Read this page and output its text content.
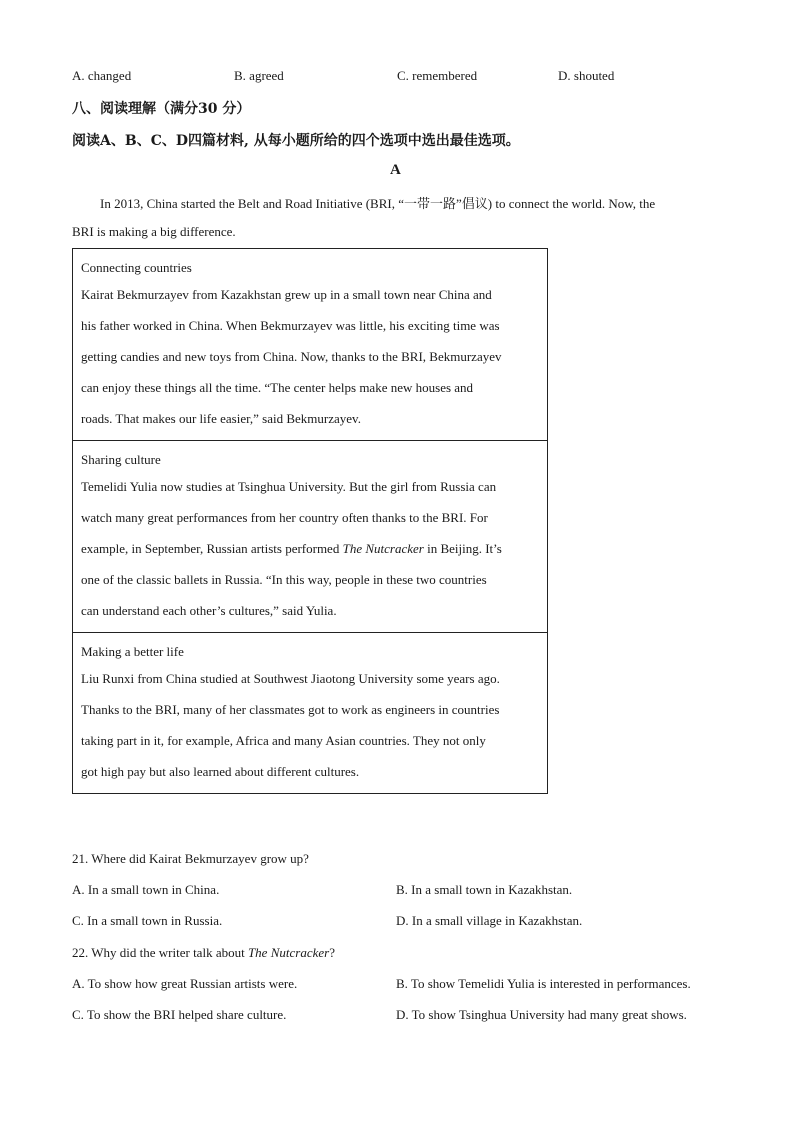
A. changed	B. agreed	C. remembered	D. shouted
八、阅读理解（满分30 分）
阅读A、B、C、D四篇材料, 从每小题所给的四个选项中选出最佳选项。
A
In 2013, China started the Belt and Road Initiative (BRI, “一带一路”倡议) to connect the world. Now, the
BRI is making a big difference.
Connecting countries
Kairat Bekmurzayev from Kazakhstan grew up in a small town near China and
his father worked in China. When Bekmurzayev was little, his exciting time was
getting candies and new toys from China. Now, thanks to the BRI, Bekmurzayev
can enjoy these things all the time. “The center helps make new houses and
roads. That makes our life easier,” said Bekmurzayev.

Sharing culture
Temelidi Yulia now studies at Tsinghua University. But the girl from Russia can
watch many great performances from her country often thanks to the BRI. For
example, in September, Russian artists performed The Nutcracker in Beijing. It’s
one of the classic ballets in Russia. “In this way, people in these two countries
can understand each other’s cultures,” said Yulia.

Making a better life
Liu Runxi from China studied at Southwest Jiaotong University some years ago.
Thanks to the BRI, many of her classmates got to work as engineers in countries
taking part in it, for example, Africa and many Asian countries. They not only
got high pay but also learned about different cultures.
21. Where did Kairat Bekmurzayev grow up?
A. In a small town in China.	B. In a small town in Kazakhstan.
C. In a small town in Russia.	D. In a small village in Kazakhstan.
22. Why did the writer talk about The Nutcracker?
A. To show how great Russian artists were.	B. To show Temelidi Yulia is interested in performances.
C. To show the BRI helped share culture.	D. To show Tsinghua University had many great shows.
